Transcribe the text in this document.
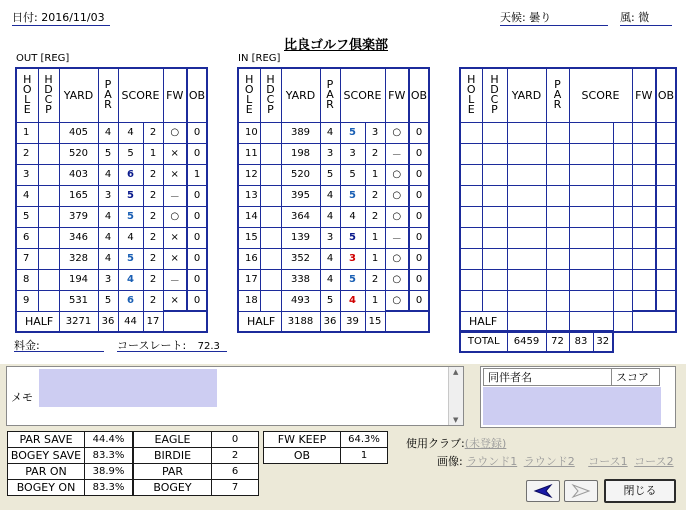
日付: 2016/11/03	天候: 曇り	風: 微
比良ゴルフ倶楽部
OUT [REG]	IN [REG]
H
O
L
E	H
D
C
P	YARD	P
A
R	SCORE		FW	OB
1		405	4	4	2	○	0
2		520	5	5	1	×	0
3		403	4	6	2	×	1
4		165	3	5	2	－	0
5		379	4	5	2	○	0
6		346	4	4	2	×	0
7		328	4	5	2	×	0
8		194	3	4	2	－	0
9		531	5	6	2	×	0
HALF		3271	36	44	17		
H
O
L
E	H
D
C
P	YARD	P
A
R	SCORE		FW	OB
10		389	4	5	3	○	0
11		198	3	3	2	－	0
12		520	5	5	1	○	0
13		395	4	5	2	○	0
14		364	4	4	2	○	0
15		139	3	5	1	－	0
16		352	4	3	1	○	0
17		338	4	5	2	○	0
18		493	5	4	1	○	0
HALF		3188	36	39	15		
H
O
L
E	H
D
C
P	YARD	P
A
R	SCORE		FW	OB

HALF							
TOTAL	6459	72	83	32
料金:	コースレート: 72.3
メモ
▲
▼
同伴者名	スコア
PAR SAVE	44.4%
BOGEY SAVE	83.3%
PAR ON	38.9%
BOGEY ON	83.3%
EAGLE	0
BIRDIE	2
PAR	6
BOGEY	7
FW KEEP	64.3%
OB	1
使用クラブ:(未登録)
画像: ラウンド1 ラウンド2 コース1 コース2
閉じる
